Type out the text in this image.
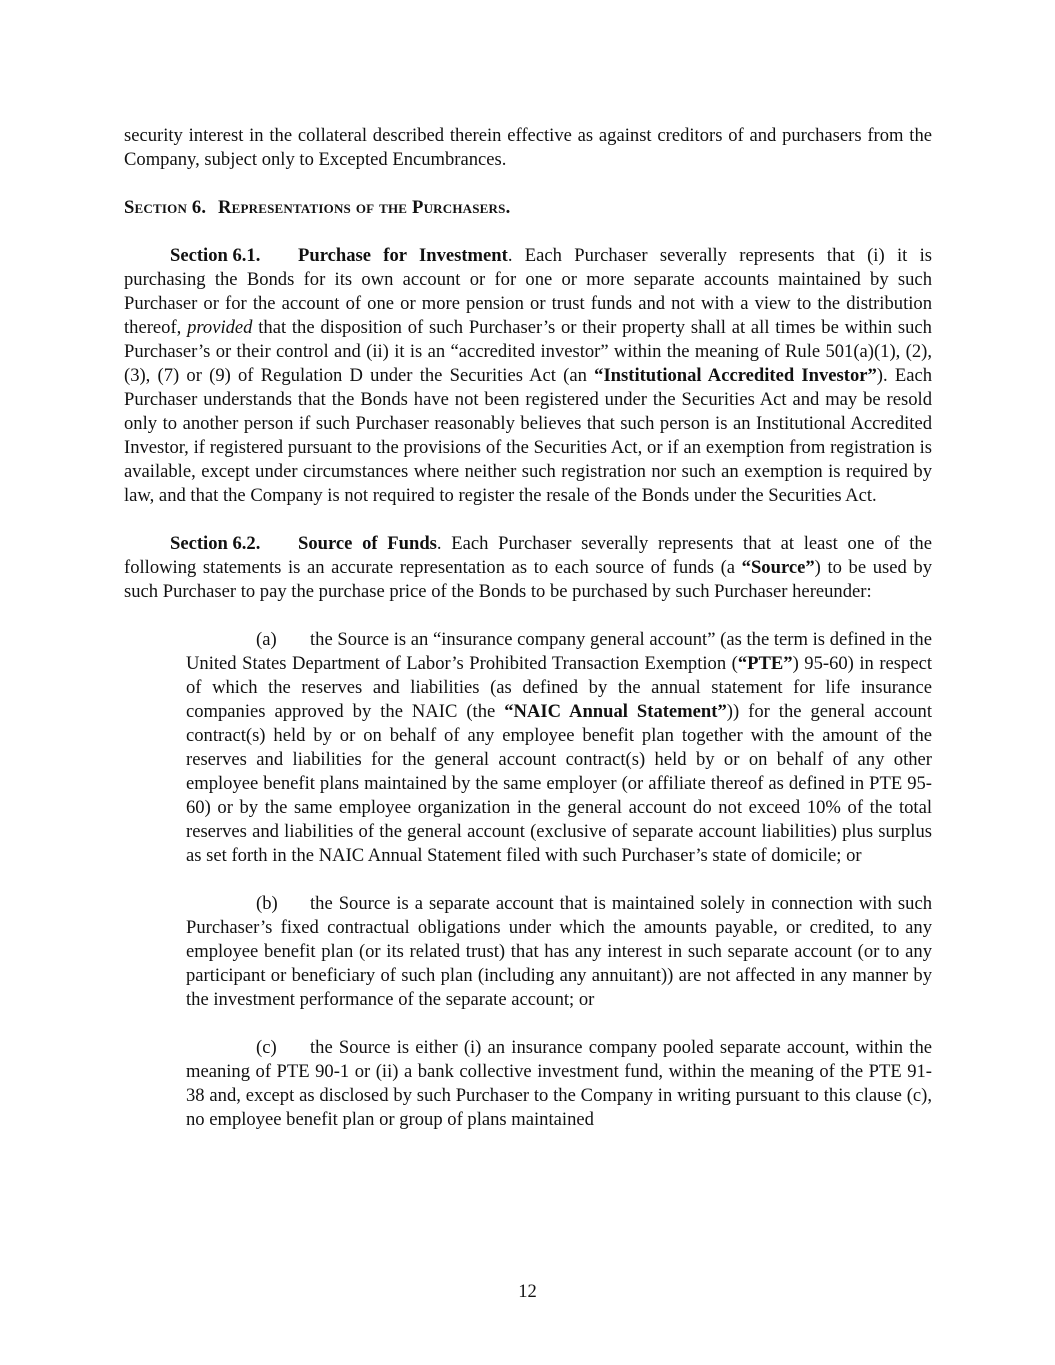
security interest in the collateral described therein effective as against creditors of and purchasers from the Company, subject only to Excepted Encumbrances.

Section 6. Representations of the Purchasers.

Section 6.1. Purchase for Investment. Each Purchaser severally represents that (i) it is purchasing the Bonds for its own account or for one or more separate accounts maintained by such Purchaser or for the account of one or more pension or trust funds and not with a view to the distribution thereof, provided that the disposition of such Purchaser’s or their property shall at all times be within such Purchaser’s or their control and (ii) it is an “accredited investor” within the meaning of Rule 501(a)(1), (2), (3), (7) or (9) of Regulation D under the Securities Act (an “Institutional Accredited Investor”). Each Purchaser understands that the Bonds have not been registered under the Securities Act and may be resold only to another person if such Purchaser reasonably believes that such person is an Institutional Accredited Investor, if registered pursuant to the provisions of the Securities Act, or if an exemption from registration is available, except under circumstances where neither such registration nor such an exemption is required by law, and that the Company is not required to register the resale of the Bonds under the Securities Act.

Section 6.2. Source of Funds. Each Purchaser severally represents that at least one of the following statements is an accurate representation as to each source of funds (a “Source”) to be used by such Purchaser to pay the purchase price of the Bonds to be purchased by such Purchaser hereunder:

(a) the Source is an “insurance company general account” (as the term is defined in the United States Department of Labor’s Prohibited Transaction Exemption (“PTE”) 95-60) in respect of which the reserves and liabilities (as defined by the annual statement for life insurance companies approved by the NAIC (the “NAIC Annual Statement”)) for the general account contract(s) held by or on behalf of any employee benefit plan together with the amount of the reserves and liabilities for the general account contract(s) held by or on behalf of any other employee benefit plans maintained by the same employer (or affiliate thereof as defined in PTE 95-60) or by the same employee organization in the general account do not exceed 10% of the total reserves and liabilities of the general account (exclusive of separate account liabilities) plus surplus as set forth in the NAIC Annual Statement filed with such Purchaser’s state of domicile; or

(b) the Source is a separate account that is maintained solely in connection with such Purchaser’s fixed contractual obligations under which the amounts payable, or credited, to any employee benefit plan (or its related trust) that has any interest in such separate account (or to any participant or beneficiary of such plan (including any annuitant)) are not affected in any manner by the investment performance of the separate account; or

(c) the Source is either (i) an insurance company pooled separate account, within the meaning of PTE 90-1 or (ii) a bank collective investment fund, within the meaning of the PTE 91-38 and, except as disclosed by such Purchaser to the Company in writing pursuant to this clause (c), no employee benefit plan or group of plans maintained

12
